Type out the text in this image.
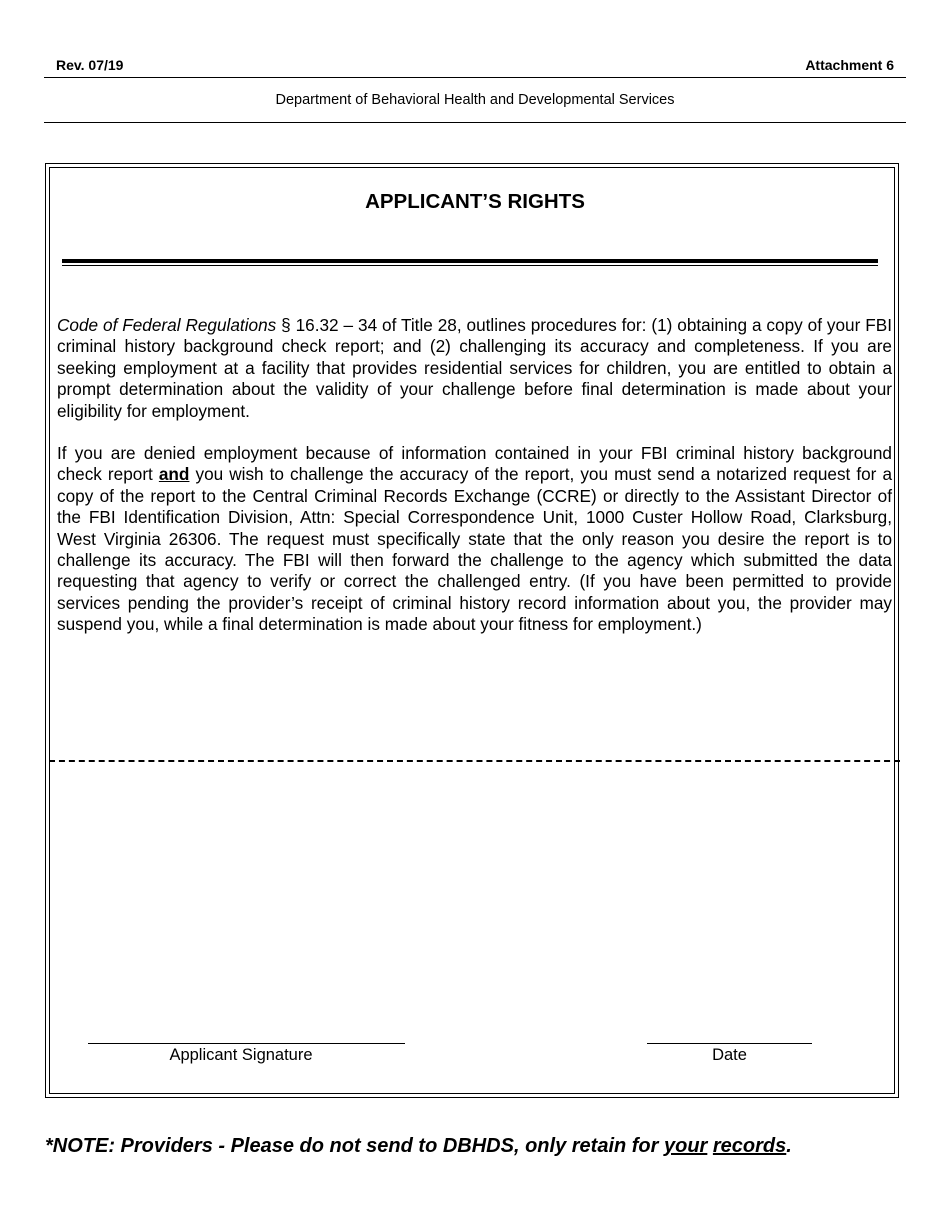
Rev. 07/19	Attachment 6
Department of Behavioral Health and Developmental Services
APPLICANT’S RIGHTS

Code of Federal Regulations § 16.32 – 34 of Title 28, outlines procedures for: (1) obtaining a copy of your FBI criminal history background check report; and (2) challenging its accuracy and completeness. If you are seeking employment at a facility that provides residential services for children, you are entitled to obtain a prompt determination about the validity of your challenge before final determination is made about your eligibility for employment.

If you are denied employment because of information contained in your FBI criminal history background check report and you wish to challenge the accuracy of the report, you must send a notarized request for a copy of the report to the Central Criminal Records Exchange (CCRE) or directly to the Assistant Director of the FBI Identification Division, Attn: Special Correspondence Unit, 1000 Custer Hollow Road, Clarksburg, West Virginia 26306. The request must specifically state that the only reason you desire the report is to challenge its accuracy. The FBI will then forward the challenge to the agency which submitted the data requesting that agency to verify or correct the challenged entry. (If you have been permitted to provide services pending the provider’s receipt of criminal history record information about you, the provider may suspend you, while a final determination is made about your fitness for employment.)

Applicant Signature	Date
*NOTE: Providers - Please do not send to DBHDS, only retain for your records.
